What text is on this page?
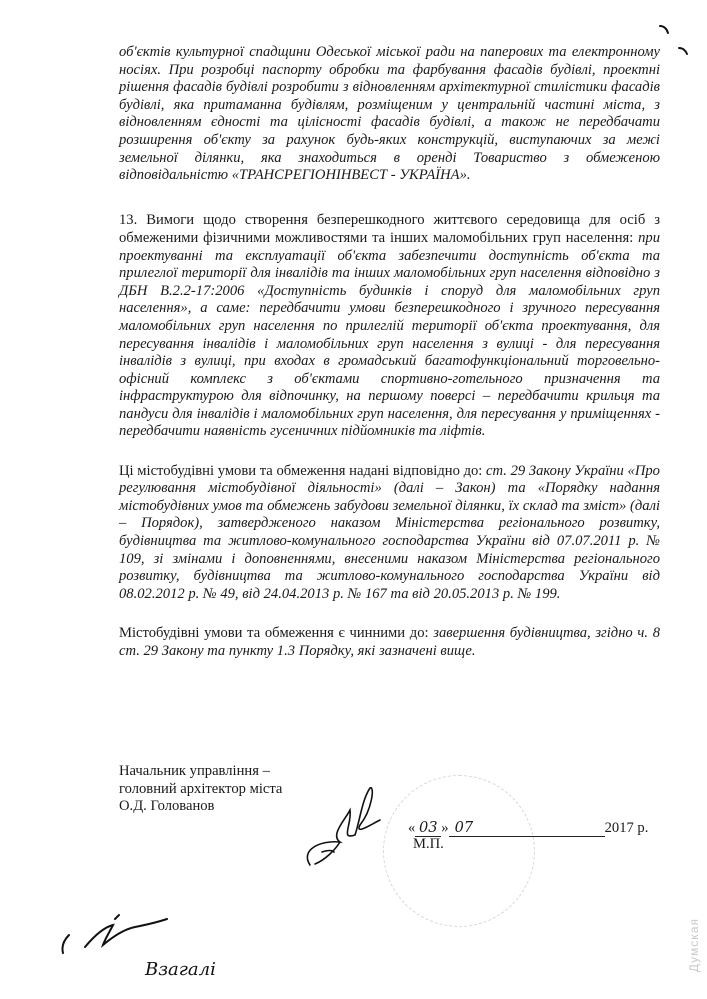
об'єктів культурної спадщини Одеської міської ради на паперових та електронному носіях. При розробці паспорту обробки та фарбування фасадів будівлі, проектні рішення фасадів будівлі розробити з відновленням архітектурної стилістики фасадів будівлі, яка притаманна будівлям, розміщеним у центральній частині міста, з відновленням єдності та цілісності фасадів будівлі, а також не передбачати розширення об'єкту за рахунок будь-яких конструкцій, виступаючих за межі земельної ділянки, яка знаходиться в оренді Товариство з обмеженою відповідальністю «ТРАНСРЕГІОНІНВЕСТ - УКРАЇНА».

13. Вимоги щодо створення безперешкодного життєвого середовища для осіб з обмеженими фізичними можливостями та інших маломобільних груп населення: при проектуванні та експлуатації об'єкта забезпечити доступність об'єкта та прилеглої території для інвалідів та інших маломобільних груп населення відповідно з ДБН В.2.2-17:2006 «Доступність будинків і споруд для маломобільних груп населення», а саме: передбачити умови безперешкодного і зручного пересування маломобільних груп населення по прилеглій території об'єкта проектування, для пересування інвалідів і маломобільних груп населення з вулиці - для пересування інвалідів з вулиці, при входах в громадський багатофункціональний торговельно-офісний комплекс з об'єктами спортивно-готельного призначення та інфраструктурою для відпочинку, на першому поверсі – передбачити крильця та пандуси для інвалідів і маломобільних груп населення, для пересування у приміщеннях - передбачити наявність гусеничних підйомників та ліфтів.

Ці містобудівні умови та обмеження надані відповідно до: ст. 29 Закону України «Про регулювання містобудівної діяльності» (далі – Закон) та «Порядку надання містобудівних умов та обмежень забудови земельної ділянки, їх склад та зміст» (далі – Порядок), затвердженого наказом Міністерства регіонального розвитку, будівництва та житлово-комунального господарства України від 07.07.2011 р. № 109, зі змінами і доповненнями, внесеними наказом Міністерства регіонального розвитку, будівництва та житлово-комунального господарства України від 08.02.2012 р. № 49, від 24.04.2013 р. № 167 та від 20.05.2013 р. № 199.

Містобудівні умови та обмеження є чинними до: завершення будівництва, згідно ч. 8 ст. 29 Закону та пункту 1.3 Порядку, які зазначені вище.

Начальник управління –
головний архітектор міста
О.Д. Голованов
« 03 » 07	2017 р.
М.П.
Взагалі	Думская
